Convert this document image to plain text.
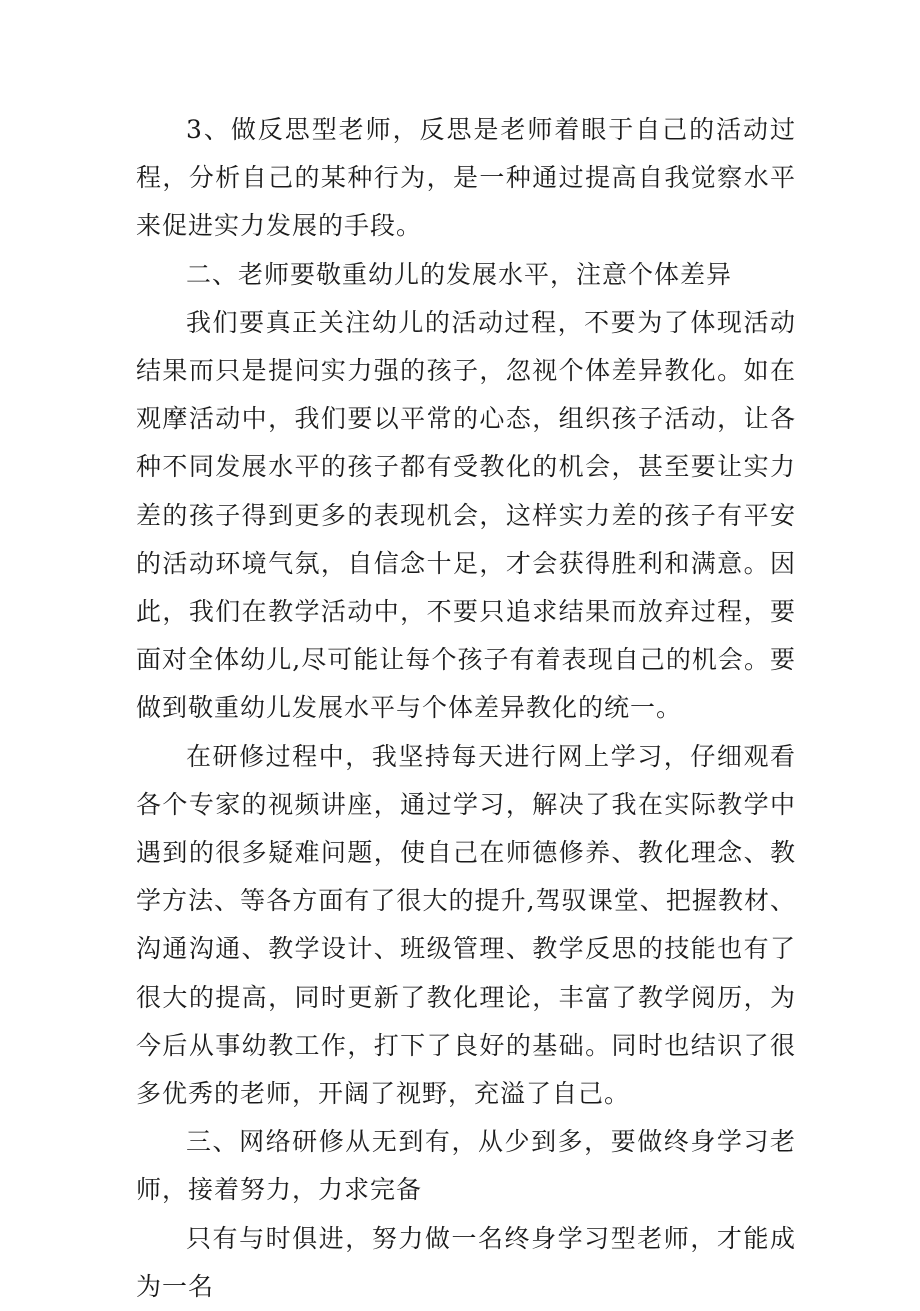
3、做反思型老师，反思是老师着眼于自己的活动过程，分析自己的某种行为，是一种通过提高自我觉察水平来促进实力发展的手段。

二、老师要敬重幼儿的发展水平，注意个体差异

我们要真正关注幼儿的活动过程，不要为了体现活动结果而只是提问实力强的孩子，忽视个体差异教化。如在观摩活动中，我们要以平常的心态，组织孩子活动，让各种不同发展水平的孩子都有受教化的机会，甚至要让实力差的孩子得到更多的表现机会，这样实力差的孩子有平安的活动环境气氛，自信念十足，才会获得胜利和满意。因此，我们在教学活动中，不要只追求结果而放弃过程，要面对全体幼儿,尽可能让每个孩子有着表现自己的机会。要做到敬重幼儿发展水平与个体差异教化的统一。

在研修过程中，我坚持每天进行网上学习，仔细观看各个专家的视频讲座，通过学习，解决了我在实际教学中遇到的很多疑难问题，使自己在师德修养、教化理念、教学方法、等各方面有了很大的提升,驾驭课堂、把握教材、沟通沟通、教学设计、班级管理、教学反思的技能也有了很大的提高，同时更新了教化理论，丰富了教学阅历，为今后从事幼教工作，打下了良好的基础。同时也结识了很多优秀的老师，开阔了视野，充溢了自己。

三、网络研修从无到有，从少到多，要做终身学习老师，接着努力，力求完备

只有与时俱进，努力做一名终身学习型老师，才能成为一名
